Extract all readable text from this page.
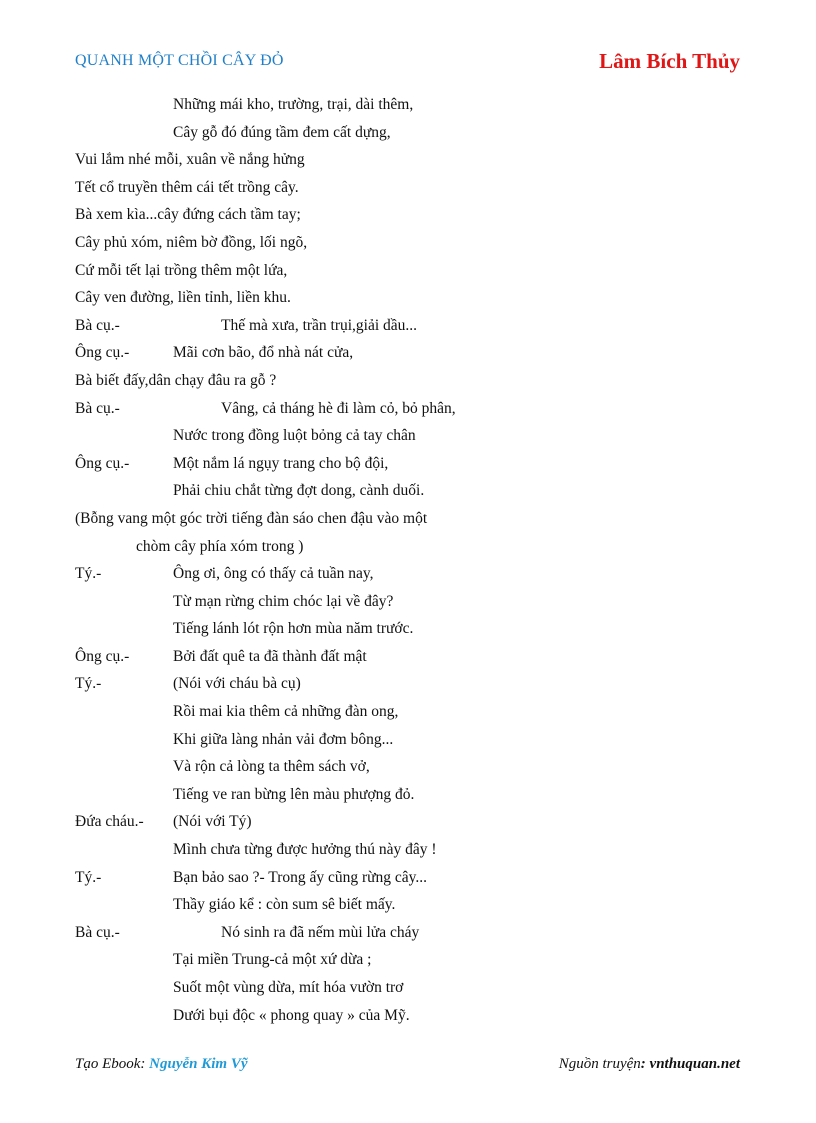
QUANH MỘT CHỒI CÂY ĐỎ	Lâm Bích Thủy
Những mái kho, trường, trại, dài thêm,
Cây gỗ đó đúng tầm đem cất dựng,
Vui lắm nhé mỗi, xuân về nắng hửng
Tết cổ truyền thêm cái tết trồng cây.
Bà xem kìa...cây đứng cách tầm tay;
Cây phủ xóm, niêm bờ đồng, lối ngõ,
Cứ mỗi tết lại trồng thêm một lứa,
Cây ven đường, liền tỉnh, liền khu.
Bà cụ.-	Thế mà xưa, trần trụi,giải dầu...
Ông cụ.-	Mãi cơn bão, đổ nhà nát cửa,
Bà biết đấy,dân chạy đâu ra gỗ ?
Bà cụ.-	Vâng, cả tháng hè đi làm cỏ, bỏ phân,
Nước trong đồng luột bỏng cả tay chân
Ông cụ.-	Một nắm lá ngụy trang cho bộ đội,
Phải chiu chắt từng đợt dong, cành duối.
(Bỗng vang một góc trời tiếng đàn sáo chen đậu vào một
chòm cây phía xóm trong )
Tý.-	Ông ơi, ông có thấy cả tuần nay,
Từ mạn rừng chim chóc lại về đây?
Tiếng lánh lót rộn hơn mùa năm trước.
Ông cụ.-	Bởi đất quê ta đã thành đất mật
Tý.-	(Nói với cháu bà cụ)
Rồi mai kia thêm cả những đàn ong,
Khi giữa làng nhản vải đơm bông...
Và rộn cả lòng ta thêm sách vở,
Tiếng ve ran bừng lên màu phượng đỏ.
Đứa cháu.- (Nói với Tý)
Mình chưa từng được hưởng thú này đây !
Tý.-	Bạn bảo sao ?- Trong ấy cũng rừng cây...
Thầy giáo kể : còn sum sê biết mấy.
Bà cụ.-	Nó sinh ra đã nếm mùi lửa cháy
Tại miền Trung-cả một xứ dừa ;
Suốt một vùng dừa, mít hóa vườn trơ
Dưới bụi độc « phong quay » của Mỹ.
Tạo Ebook: Nguyễn Kim Vỹ	Nguồn truyện: vnthuquan.net
